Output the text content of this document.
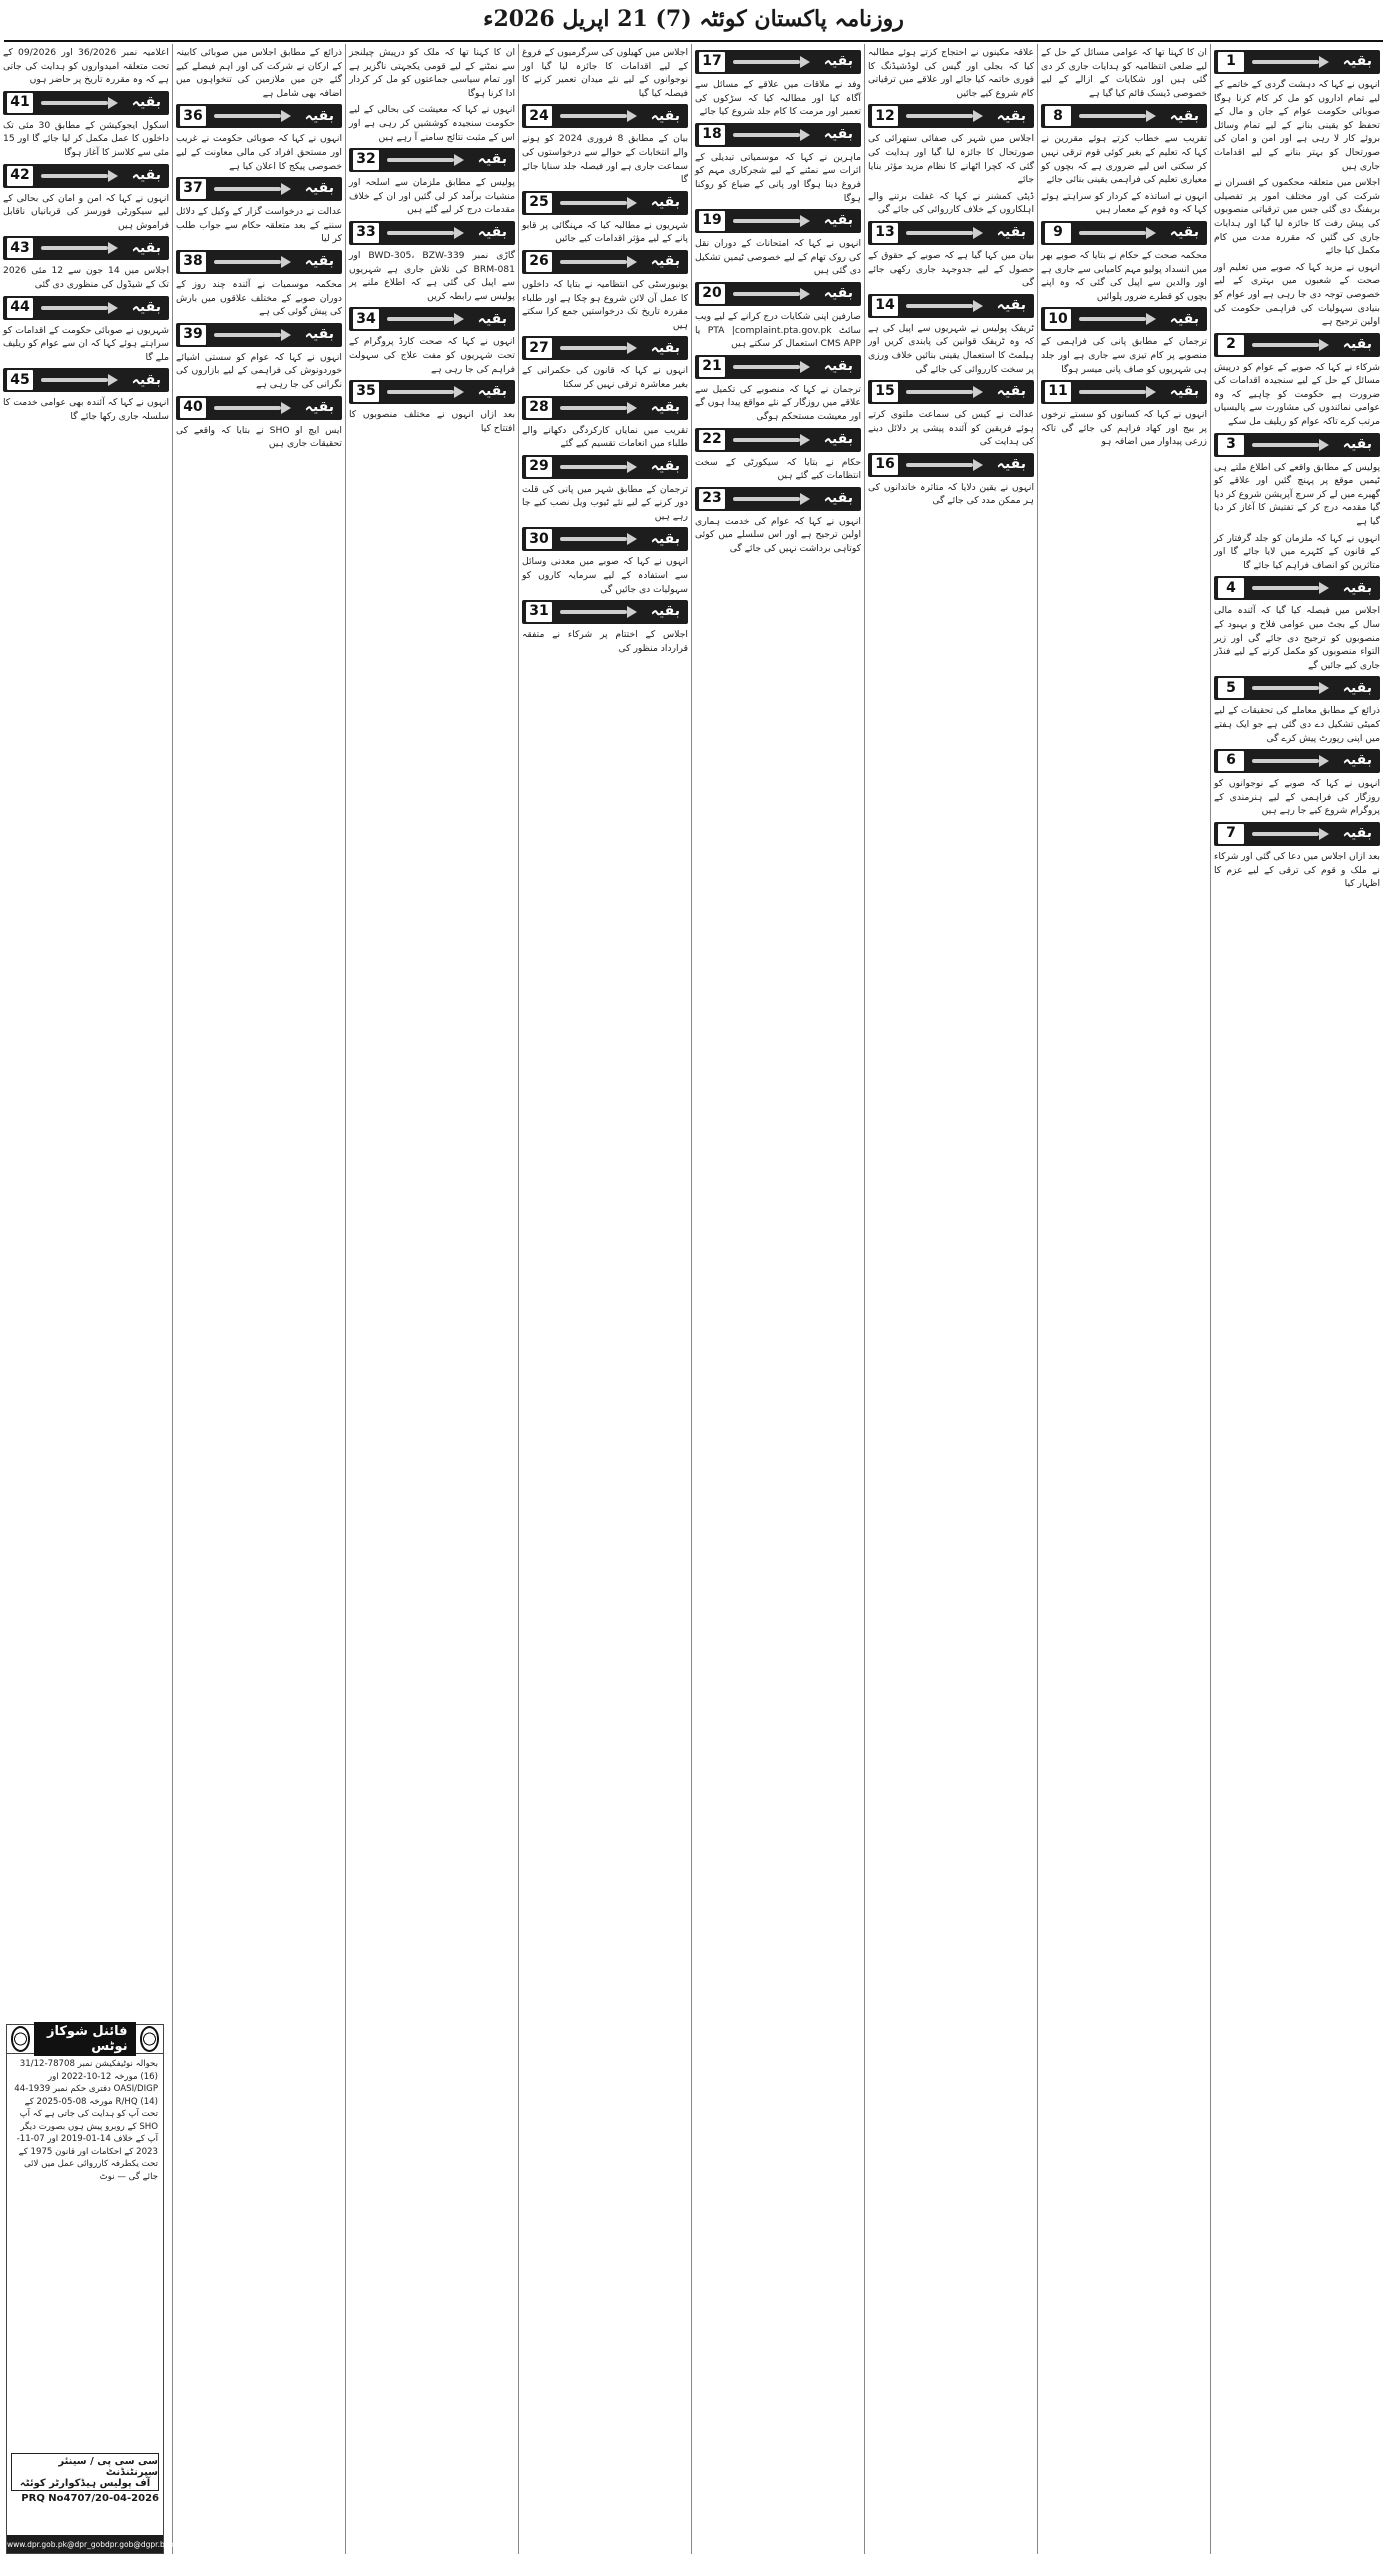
روزنامہ پاکستان کوئٹہ (7) 21 اپریل 2026ء
1	بقیہ

انہوں نے کہا کہ دہشت گردی کے خاتمے کے لیے تمام اداروں کو مل کر کام کرنا ہوگا صوبائی حکومت عوام کے جان و مال کے تحفظ کو یقینی بنانے کے لیے تمام وسائل بروئے کار لا رہی ہے اور امن و امان کی صورتحال کو بہتر بنانے کے لیے اقدامات جاری ہیں

اجلاس میں متعلقہ محکموں کے افسران نے شرکت کی اور مختلف امور پر تفصیلی بریفنگ دی گئی جس میں ترقیاتی منصوبوں کی پیش رفت کا جائزہ لیا گیا اور ہدایات جاری کی گئیں کہ مقررہ مدت میں کام مکمل کیا جائے

انہوں نے مزید کہا کہ صوبے میں تعلیم اور صحت کے شعبوں میں بہتری کے لیے خصوصی توجہ دی جا رہی ہے اور عوام کو بنیادی سہولیات کی فراہمی حکومت کی اولین ترجیح ہے

2	بقیہ

شرکاء نے کہا کہ صوبے کے عوام کو درپیش مسائل کے حل کے لیے سنجیدہ اقدامات کی ضرورت ہے حکومت کو چاہیے کہ وہ عوامی نمائندوں کی مشاورت سے پالیسیاں مرتب کرے تاکہ عوام کو ریلیف مل سکے

3	بقیہ

پولیس کے مطابق واقعے کی اطلاع ملتے ہی ٹیمیں موقع پر پہنچ گئیں اور علاقے کو گھیرے میں لے کر سرچ آپریشن شروع کر دیا گیا مقدمہ درج کر کے تفتیش کا آغاز کر دیا گیا ہے

انہوں نے کہا کہ ملزمان کو جلد گرفتار کر کے قانون کے کٹہرے میں لایا جائے گا اور متاثرین کو انصاف فراہم کیا جائے گا

4	بقیہ

اجلاس میں فیصلہ کیا گیا کہ آئندہ مالی سال کے بجٹ میں عوامی فلاح و بہبود کے منصوبوں کو ترجیح دی جائے گی اور زیر التواء منصوبوں کو مکمل کرنے کے لیے فنڈز جاری کیے جائیں گے

5	بقیہ

ذرائع کے مطابق معاملے کی تحقیقات کے لیے کمیٹی تشکیل دے دی گئی ہے جو ایک ہفتے میں اپنی رپورٹ پیش کرے گی

6	بقیہ

انہوں نے کہا کہ صوبے کے نوجوانوں کو روزگار کی فراہمی کے لیے ہنرمندی کے پروگرام شروع کیے جا رہے ہیں

7	بقیہ

بعد ازاں اجلاس میں دعا کی گئی اور شرکاء نے ملک و قوم کی ترقی کے لیے عزم کا اظہار کیا

ان کا کہنا تھا کہ عوامی مسائل کے حل کے لیے ضلعی انتظامیہ کو ہدایات جاری کر دی گئی ہیں اور شکایات کے ازالے کے لیے خصوصی ڈیسک قائم کیا گیا ہے

8	بقیہ

تقریب سے خطاب کرتے ہوئے مقررین نے کہا کہ تعلیم کے بغیر کوئی قوم ترقی نہیں کر سکتی اس لیے ضروری ہے کہ بچوں کو معیاری تعلیم کی فراہمی یقینی بنائی جائے

انہوں نے اساتذہ کے کردار کو سراہتے ہوئے کہا کہ وہ قوم کے معمار ہیں

9	بقیہ

محکمہ صحت کے حکام نے بتایا کہ صوبے بھر میں انسداد پولیو مہم کامیابی سے جاری ہے اور والدین سے اپیل کی گئی کہ وہ اپنے بچوں کو قطرے ضرور پلوائیں

10	بقیہ

ترجمان کے مطابق پانی کی فراہمی کے منصوبے پر کام تیزی سے جاری ہے اور جلد ہی شہریوں کو صاف پانی میسر ہوگا

11	بقیہ

انہوں نے کہا کہ کسانوں کو سستے نرخوں پر بیج اور کھاد فراہم کی جائے گی تاکہ زرعی پیداوار میں اضافہ ہو

علاقہ مکینوں نے احتجاج کرتے ہوئے مطالبہ کیا کہ بجلی اور گیس کی لوڈشیڈنگ کا فوری خاتمہ کیا جائے اور علاقے میں ترقیاتی کام شروع کیے جائیں

12	بقیہ

اجلاس میں شہر کی صفائی ستھرائی کی صورتحال کا جائزہ لیا گیا اور ہدایت کی گئی کہ کچرا اٹھانے کا نظام مزید مؤثر بنایا جائے

ڈپٹی کمشنر نے کہا کہ غفلت برتنے والے اہلکاروں کے خلاف کارروائی کی جائے گی

13	بقیہ

بیان میں کہا گیا ہے کہ صوبے کے حقوق کے حصول کے لیے جدوجہد جاری رکھی جائے گی

14	بقیہ

ٹریفک پولیس نے شہریوں سے اپیل کی ہے کہ وہ ٹریفک قوانین کی پابندی کریں اور ہیلمٹ کا استعمال یقینی بنائیں خلاف ورزی پر سخت کارروائی کی جائے گی

15	بقیہ

عدالت نے کیس کی سماعت ملتوی کرتے ہوئے فریقین کو آئندہ پیشی پر دلائل دینے کی ہدایت کی

16	بقیہ

انہوں نے یقین دلایا کہ متاثرہ خاندانوں کی ہر ممکن مدد کی جائے گی

17	بقیہ

وفد نے ملاقات میں علاقے کے مسائل سے آگاہ کیا اور مطالبہ کیا کہ سڑکوں کی تعمیر اور مرمت کا کام جلد شروع کیا جائے

18	بقیہ

ماہرین نے کہا کہ موسمیاتی تبدیلی کے اثرات سے نمٹنے کے لیے شجرکاری مہم کو فروغ دینا ہوگا اور پانی کے ضیاع کو روکنا ہوگا

19	بقیہ

انہوں نے کہا کہ امتحانات کے دوران نقل کی روک تھام کے لیے خصوصی ٹیمیں تشکیل دی گئی ہیں

20	بقیہ

صارفین اپنی شکایات درج کرانے کے لیے ویب سائٹ PTA |complaint.pta.gov.pk یا CMS APP استعمال کر سکتے ہیں

21	بقیہ

ترجمان نے کہا کہ منصوبے کی تکمیل سے علاقے میں روزگار کے نئے مواقع پیدا ہوں گے اور معیشت مستحکم ہوگی

22	بقیہ

حکام نے بتایا کہ سیکورٹی کے سخت انتظامات کیے گئے ہیں

23	بقیہ

انہوں نے کہا کہ عوام کی خدمت ہماری اولین ترجیح ہے اور اس سلسلے میں کوئی کوتاہی برداشت نہیں کی جائے گی

اجلاس میں کھیلوں کی سرگرمیوں کے فروغ کے لیے اقدامات کا جائزہ لیا گیا اور نوجوانوں کے لیے نئے میدان تعمیر کرنے کا فیصلہ کیا گیا

24	بقیہ

بیان کے مطابق 8 فروری 2024 کو ہونے والے انتخابات کے حوالے سے درخواستوں کی سماعت جاری ہے اور فیصلہ جلد سنایا جائے گا

25	بقیہ

شہریوں نے مطالبہ کیا کہ مہنگائی پر قابو پانے کے لیے مؤثر اقدامات کیے جائیں

26	بقیہ

یونیورسٹی کی انتظامیہ نے بتایا کہ داخلوں کا عمل آن لائن شروع ہو چکا ہے اور طلباء مقررہ تاریخ تک درخواستیں جمع کرا سکتے ہیں

27	بقیہ

انہوں نے کہا کہ قانون کی حکمرانی کے بغیر معاشرہ ترقی نہیں کر سکتا

28	بقیہ

تقریب میں نمایاں کارکردگی دکھانے والے طلباء میں انعامات تقسیم کیے گئے

29	بقیہ

ترجمان کے مطابق شہر میں پانی کی قلت دور کرنے کے لیے نئے ٹیوب ویل نصب کیے جا رہے ہیں

30	بقیہ

انہوں نے کہا کہ صوبے میں معدنی وسائل سے استفادہ کے لیے سرمایہ کاروں کو سہولیات دی جائیں گی

31	بقیہ

اجلاس کے اختتام پر شرکاء نے متفقہ قرارداد منظور کی

ان کا کہنا تھا کہ ملک کو درپیش چیلنجز سے نمٹنے کے لیے قومی یکجہتی ناگزیر ہے اور تمام سیاسی جماعتوں کو مل کر کردار ادا کرنا ہوگا

انہوں نے کہا کہ معیشت کی بحالی کے لیے حکومت سنجیدہ کوششیں کر رہی ہے اور اس کے مثبت نتائج سامنے آ رہے ہیں

32	بقیہ

پولیس کے مطابق ملزمان سے اسلحہ اور منشیات برآمد کر لی گئیں اور ان کے خلاف مقدمات درج کر لیے گئے ہیں

33	بقیہ

گاڑی نمبر BWD-305، BZW-339 اور BRM-081 کی تلاش جاری ہے شہریوں سے اپیل کی گئی ہے کہ اطلاع ملنے پر پولیس سے رابطہ کریں

34	بقیہ

انہوں نے کہا کہ صحت کارڈ پروگرام کے تحت شہریوں کو مفت علاج کی سہولت فراہم کی جا رہی ہے

35	بقیہ

بعد ازاں انہوں نے مختلف منصوبوں کا افتتاح کیا

ذرائع کے مطابق اجلاس میں صوبائی کابینہ کے ارکان نے شرکت کی اور اہم فیصلے کیے گئے جن میں ملازمین کی تنخواہوں میں اضافہ بھی شامل ہے

36	بقیہ

انہوں نے کہا کہ صوبائی حکومت نے غریب اور مستحق افراد کی مالی معاونت کے لیے خصوصی پیکج کا اعلان کیا ہے

37	بقیہ

عدالت نے درخواست گزار کے وکیل کے دلائل سننے کے بعد متعلقہ حکام سے جواب طلب کر لیا

38	بقیہ

محکمہ موسمیات نے آئندہ چند روز کے دوران صوبے کے مختلف علاقوں میں بارش کی پیش گوئی کی ہے

39	بقیہ

انہوں نے کہا کہ عوام کو سستی اشیائے خوردونوش کی فراہمی کے لیے بازاروں کی نگرانی کی جا رہی ہے

40	بقیہ

ایس ایچ او SHO نے بتایا کہ واقعے کی تحقیقات جاری ہیں

اعلامیہ نمبر 36/2026 اور 09/2026 کے تحت متعلقہ امیدواروں کو ہدایت کی جاتی ہے کہ وہ مقررہ تاریخ پر حاضر ہوں

41	بقیہ

اسکول ایجوکیشن کے مطابق 30 مئی تک داخلوں کا عمل مکمل کر لیا جائے گا اور 15 مئی سے کلاسز کا آغاز ہوگا

42	بقیہ

انہوں نے کہا کہ امن و امان کی بحالی کے لیے سیکورٹی فورسز کی قربانیاں ناقابل فراموش ہیں

43	بقیہ

اجلاس میں 14 جون سے 12 مئی 2026 تک کے شیڈول کی منظوری دی گئی

44	بقیہ

شہریوں نے صوبائی حکومت کے اقدامات کو سراہتے ہوئے کہا کہ ان سے عوام کو ریلیف ملے گا

45	بقیہ

انہوں نے کہا کہ آئندہ بھی عوامی خدمت کا سلسلہ جاری رکھا جائے گا

فائنل شوکاز نوٹس
بحوالہ نوٹیفکیشن نمبر 78708-31/12 (16) مورخہ 12-10-2022 اور OASI/DIGP دفتری حکم نمبر 1939-44 (14) R/HQ مورخہ 08-05-2025 کے تحت آپ کو ہدایت کی جاتی ہے کہ آپ SHO کے روبرو پیش ہوں بصورت دیگر آپ کے خلاف 14-01-2019 اور 07-11-2023 کے احکامات اور قانون 1975 کے تحت یکطرفہ کارروائی عمل میں لائی جائے گی — نوٹ
سی سی پی / سینئر سپرنٹنڈنٹ
آف پولیس ہیڈکوارٹر کوئٹہ
PRQ No4707/20-04-2026
www.dpr.gob.pk @dpr_gob dpr.gob @dgpr.balochistan
